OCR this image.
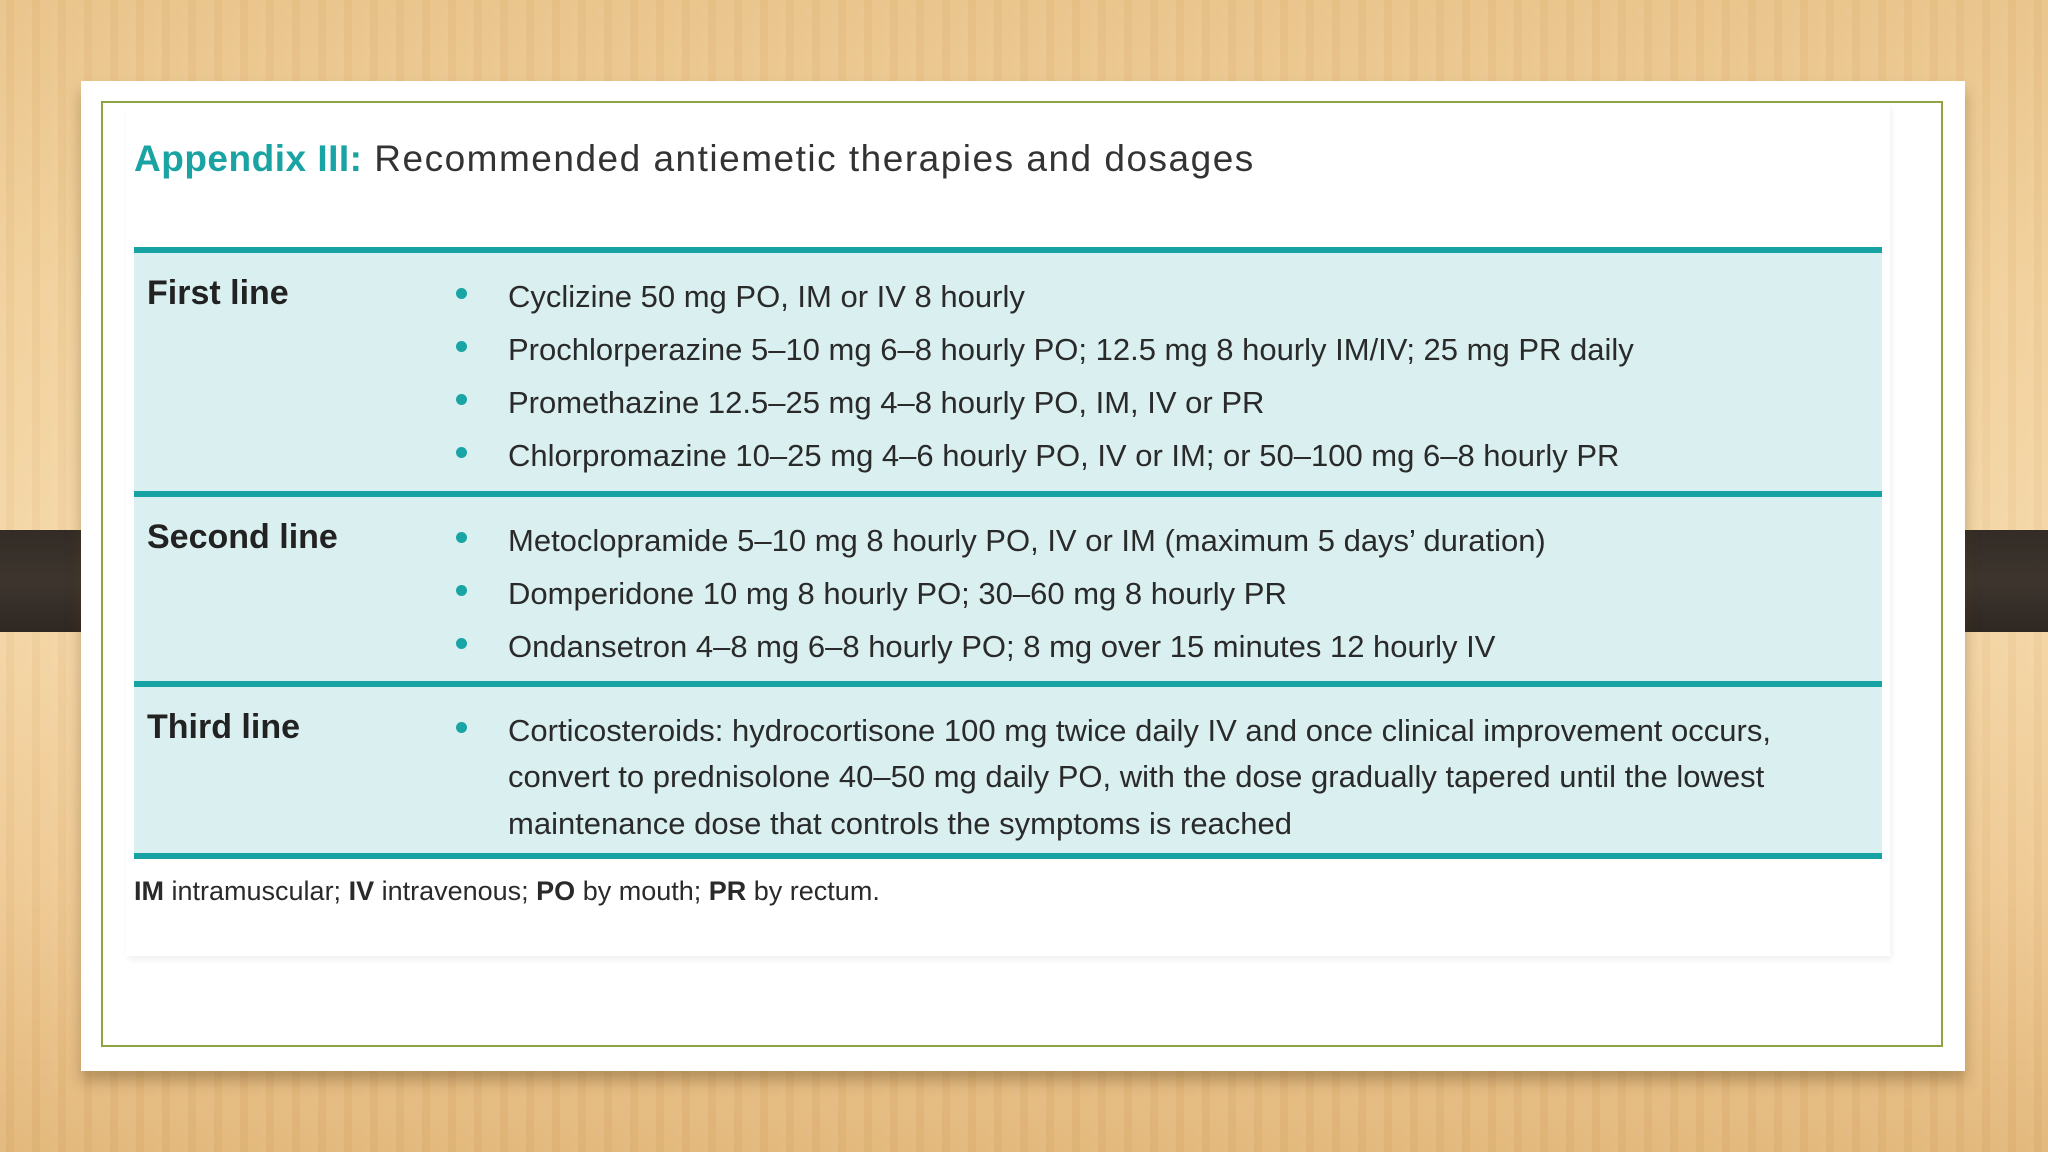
Appendix III: Recommended antiemetic therapies and dosages
First line	Cyclizine 50 mg PO, IM or IV 8 hourly
Prochlorperazine 5–10 mg 6–8 hourly PO; 12.5 mg 8 hourly IM/IV; 25 mg PR daily
Promethazine 12.5–25 mg 4–8 hourly PO, IM, IV or PR
Chlorpromazine 10–25 mg 4–6 hourly PO, IV or IM; or 50–100 mg 6–8 hourly PR
Second line	Metoclopramide 5–10 mg 8 hourly PO, IV or IM (maximum 5 days’ duration)
Domperidone 10 mg 8 hourly PO; 30–60 mg 8 hourly PR
Ondansetron 4–8 mg 6–8 hourly PO; 8 mg over 15 minutes 12 hourly IV
Third line	Corticosteroids: hydrocortisone 100 mg twice daily IV and once clinical improvement occurs,
convert to prednisolone 40–50 mg daily PO, with the dose gradually tapered until the lowest
maintenance dose that controls the symptoms is reached
IM intramuscular; IV intravenous; PO by mouth; PR by rectum.
